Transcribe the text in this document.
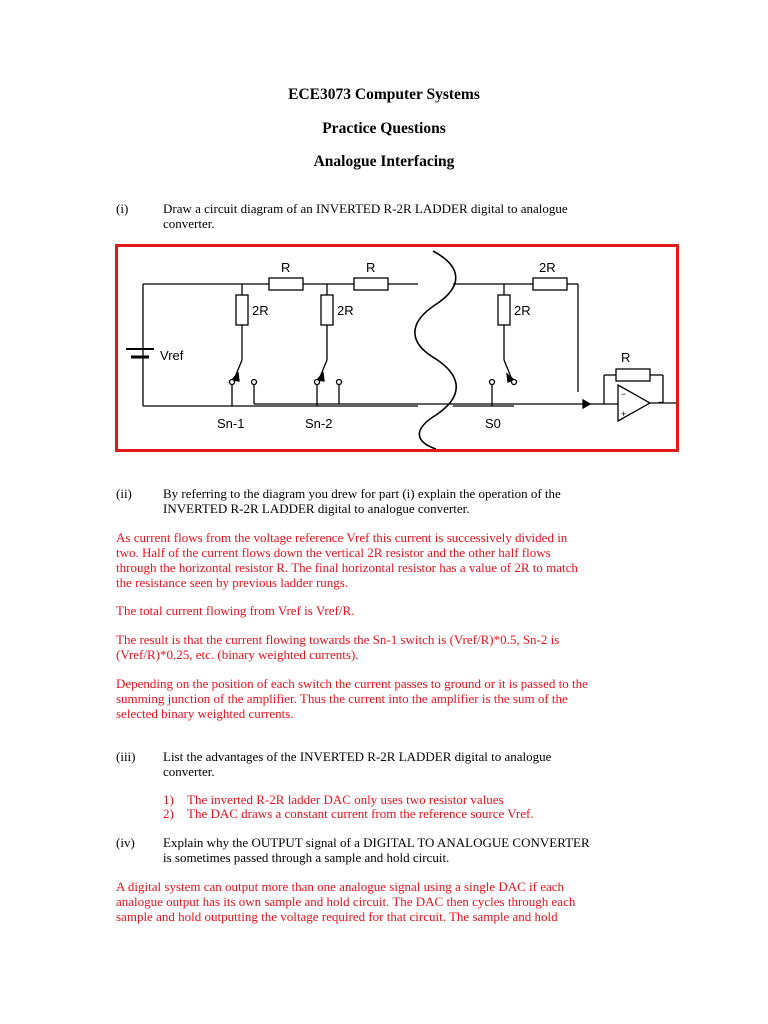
ECE3073 Computer Systems
Practice Questions
Analogue Interfacing
(i)	Draw a circuit diagram of an INVERTED R-2R LADDER digital to analogue
converter.
−
−
+
R	R	2R
2R	2R	2R
Vref	R
Sn-1	Sn-2	S0
(ii) By referring to the diagram you drew for part (i) explain the operation of the
INVERTED R-2R LADDER digital to analogue converter.
As current flows from the voltage reference Vref this current is successively divided in
two. Half of the current flows down the vertical 2R resistor and the other half flows
through the horizontal resistor R. The final horizontal resistor has a value of 2R to match
the resistance seen by previous ladder rungs.
The total current flowing from Vref is Vref/R.
The result is that the current flowing towards the Sn-1 switch is (Vref/R)*0.5, Sn-2 is
(Vref/R)*0.25, etc. (binary weighted currents).
Depending on the position of each switch the current passes to ground or it is passed to the
summing junction of the amplifier. Thus the current into the amplifier is the sum of the
selected binary weighted currents.
(iii) List the advantages of the INVERTED R-2R LADDER digital to analogue
converter.
1) The inverted R-2R ladder DAC only uses two resistor values
2) The DAC draws a constant current from the reference source Vref.
(iv) Explain why the OUTPUT signal of a DIGITAL TO ANALOGUE CONVERTER
is sometimes passed through a sample and hold circuit.
A digital system can output more than one analogue signal using a single DAC if each
analogue output has its own sample and hold circuit. The DAC then cycles through each
sample and hold outputting the voltage required for that circuit. The sample and hold
